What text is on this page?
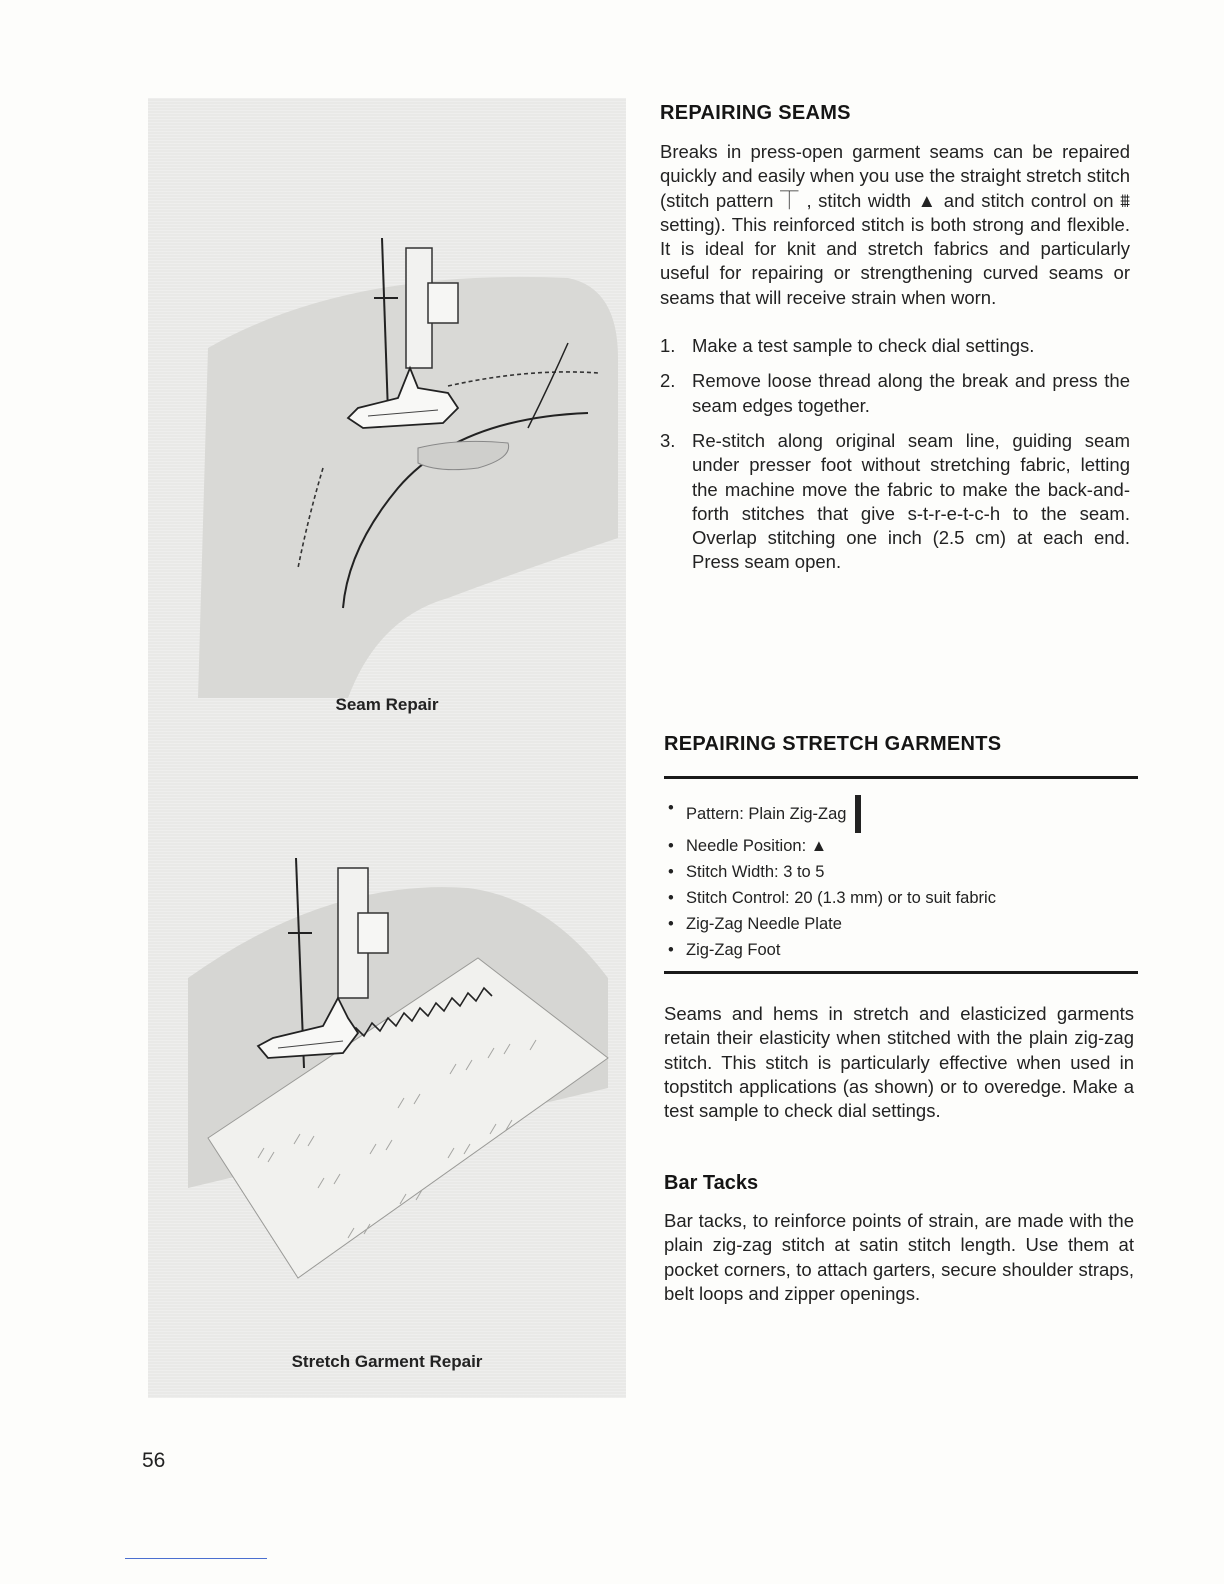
Seam Repair
Stretch Garment Repair
REPAIRING SEAMS

Breaks in press-open garment seams can be repaired quickly and easily when you use the straight stretch stitch (stitch pattern ⏉ , stitch width ▲ and stitch control on ⩩ setting). This reinforced stitch is both strong and flexible. It is ideal for knit and stretch fabrics and particularly useful for repairing or strengthening curved seams or seams that will receive strain when worn.

1. Make a test sample to check dial settings.
2. Remove loose thread along the break and press the seam edges together.
3. Re-stitch along original seam line, guiding seam under presser foot without stretching fabric, letting the machine move the fabric to make the back-and-forth stitches that give s-t-r-e-t-c-h to the seam. Overlap stitching one inch (2.5 cm) at each end. Press seam open.
REPAIRING STRETCH GARMENTS
• Pattern: Plain Zig-Zag
• Needle Position: ▲
• Stitch Width: 3 to 5
• Stitch Control: 20 (1.3 mm) or to suit fabric
• Zig-Zag Needle Plate
• Zig-Zag Foot

Seams and hems in stretch and elasticized garments retain their elasticity when stitched with the plain zig-zag stitch. This stitch is particularly effective when used in topstitch applications (as shown) or to overedge. Make a test sample to check dial settings.

Bar Tacks

Bar tacks, to reinforce points of strain, are made with the plain zig-zag stitch at satin stitch length. Use them at pocket corners, to attach garters, secure shoulder straps, belt loops and zipper openings.

56
